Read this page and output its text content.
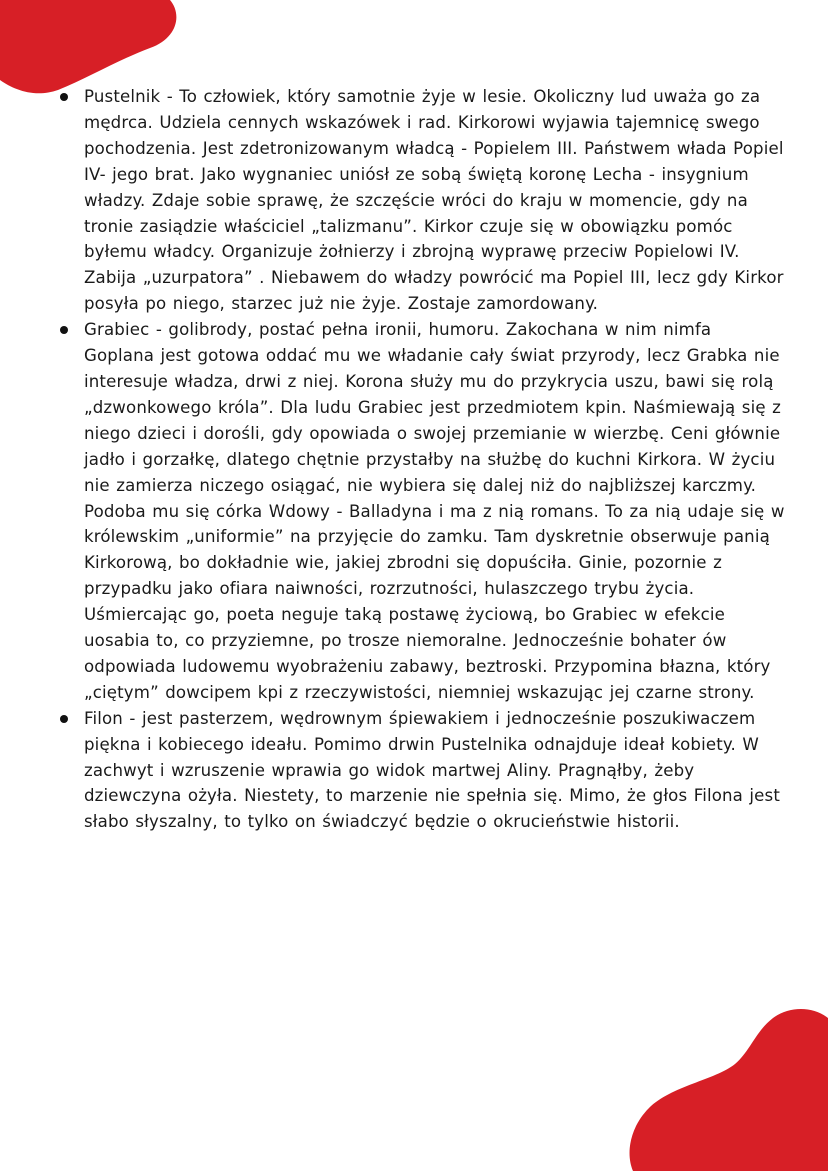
Pustelnik - To człowiek, który samotnie żyje w lesie. Okoliczny lud uważa go za mędrca. Udziela cennych wskazówek i rad. Kirkorowi wyjawia tajemnicę swego pochodzenia. Jest zdetronizowanym władcą - Popielem III. Państwem włada Popiel IV- jego brat. Jako wygnaniec uniósł ze sobą świętą koronę Lecha - insygnium władzy. Zdaje sobie sprawę, że szczęście wróci do kraju w momencie, gdy na tronie zasiądzie właściciel „talizmanu”. Kirkor czuje się w obowiązku pomóc byłemu władcy. Organizuje żołnierzy i zbrojną wyprawę przeciw Popielowi IV. Zabija „uzurpatora” . Niebawem do władzy powrócić ma Popiel III, lecz gdy Kirkor posyła po niego, starzec już nie żyje. Zostaje zamordowany.
Grabiec - golibrody, postać pełna ironii, humoru. Zakochana w nim nimfa Goplana jest gotowa oddać mu we władanie cały świat przyrody, lecz Grabka nie interesuje władza, drwi z niej. Korona służy mu do przykrycia uszu, bawi się rolą „dzwonkowego króla”. Dla ludu Grabiec jest przedmiotem kpin. Naśmiewają się z niego dzieci i dorośli, gdy opowiada o swojej przemianie w wierzbę. Ceni głównie jadło i gorzałkę, dlatego chętnie przystałby na służbę do kuchni Kirkora. W życiu nie zamierza niczego osiągać, nie wybiera się dalej niż do najbliższej karczmy. Podoba mu się córka Wdowy - Balladyna i ma z nią romans. To za nią udaje się w królewskim „uniformie” na przyjęcie do zamku. Tam dyskretnie obserwuje panią Kirkorową, bo dokładnie wie, jakiej zbrodni się dopuściła. Ginie, pozornie z przypadku jako ofiara naiwności, rozrzutności, hulaszczego trybu życia. Uśmiercając go, poeta neguje taką postawę życiową, bo Grabiec w efekcie uosabia to, co przyziemne, po trosze niemoralne. Jednocześnie bohater ów odpowiada ludowemu wyobrażeniu zabawy, beztroski. Przypomina błazna, który „ciętym” dowcipem kpi z rzeczywistości, niemniej wskazując jej czarne strony.
Filon - jest pasterzem, wędrownym śpiewakiem i jednocześnie poszukiwaczem piękna i kobiecego ideału. Pomimo drwin Pustelnika odnajduje ideał kobiety. W zachwyt i wzruszenie wprawia go widok martwej Aliny. Pragnąłby, żeby dziewczyna ożyła. Niestety, to marzenie nie spełnia się. Mimo, że głos Filona jest słabo słyszalny, to tylko on świadczyć będzie o okrucieństwie historii.
